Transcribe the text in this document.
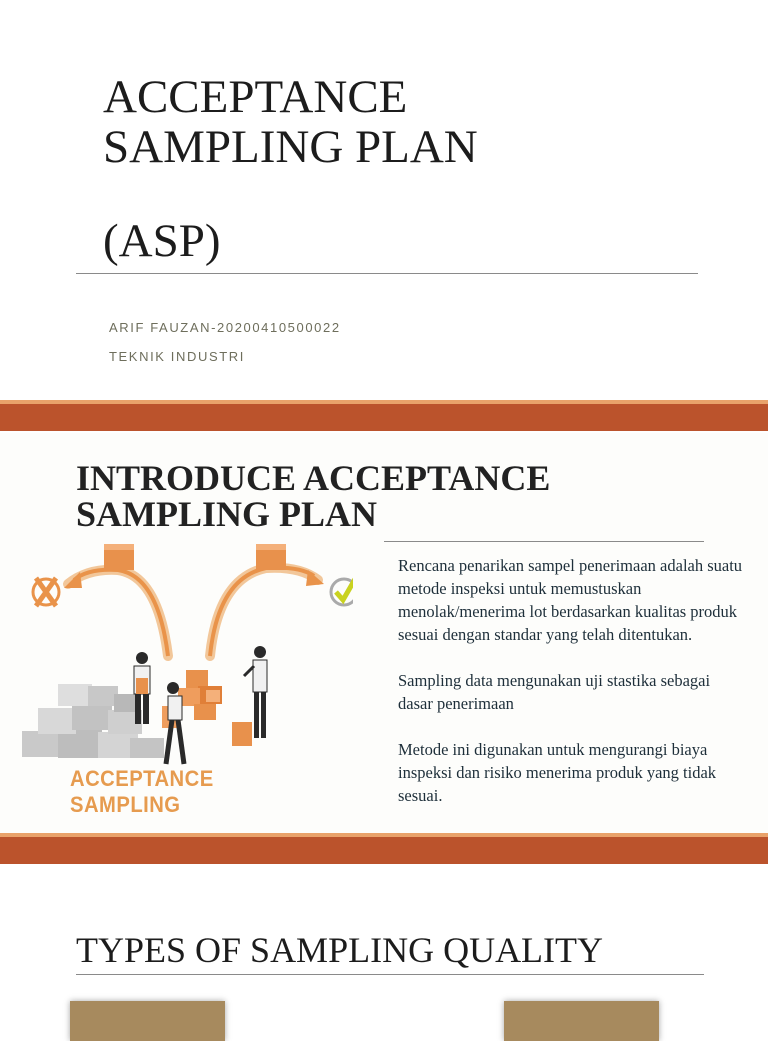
ACCEPTANCE
SAMPLING PLAN
(ASP)
ARIF FAUZAN-20200410500022
TEKNIK INDUSTRI
INTRODUCE ACCEPTANCE SAMPLING PLAN
ACCEPTANCE SAMPLING

Rencana penarikan sampel penerimaan adalah suatu metode inspeksi untuk memustuskan menolak/menerima lot berdasarkan kualitas produk sesuai dengan standar yang telah ditentukan.

Sampling data mengunakan uji stastika sebagai dasar penerimaan

Metode ini digunakan untuk mengurangi biaya inspeksi dan risiko menerima produk yang tidak sesuai.

TYPES OF SAMPLING QUALITY
